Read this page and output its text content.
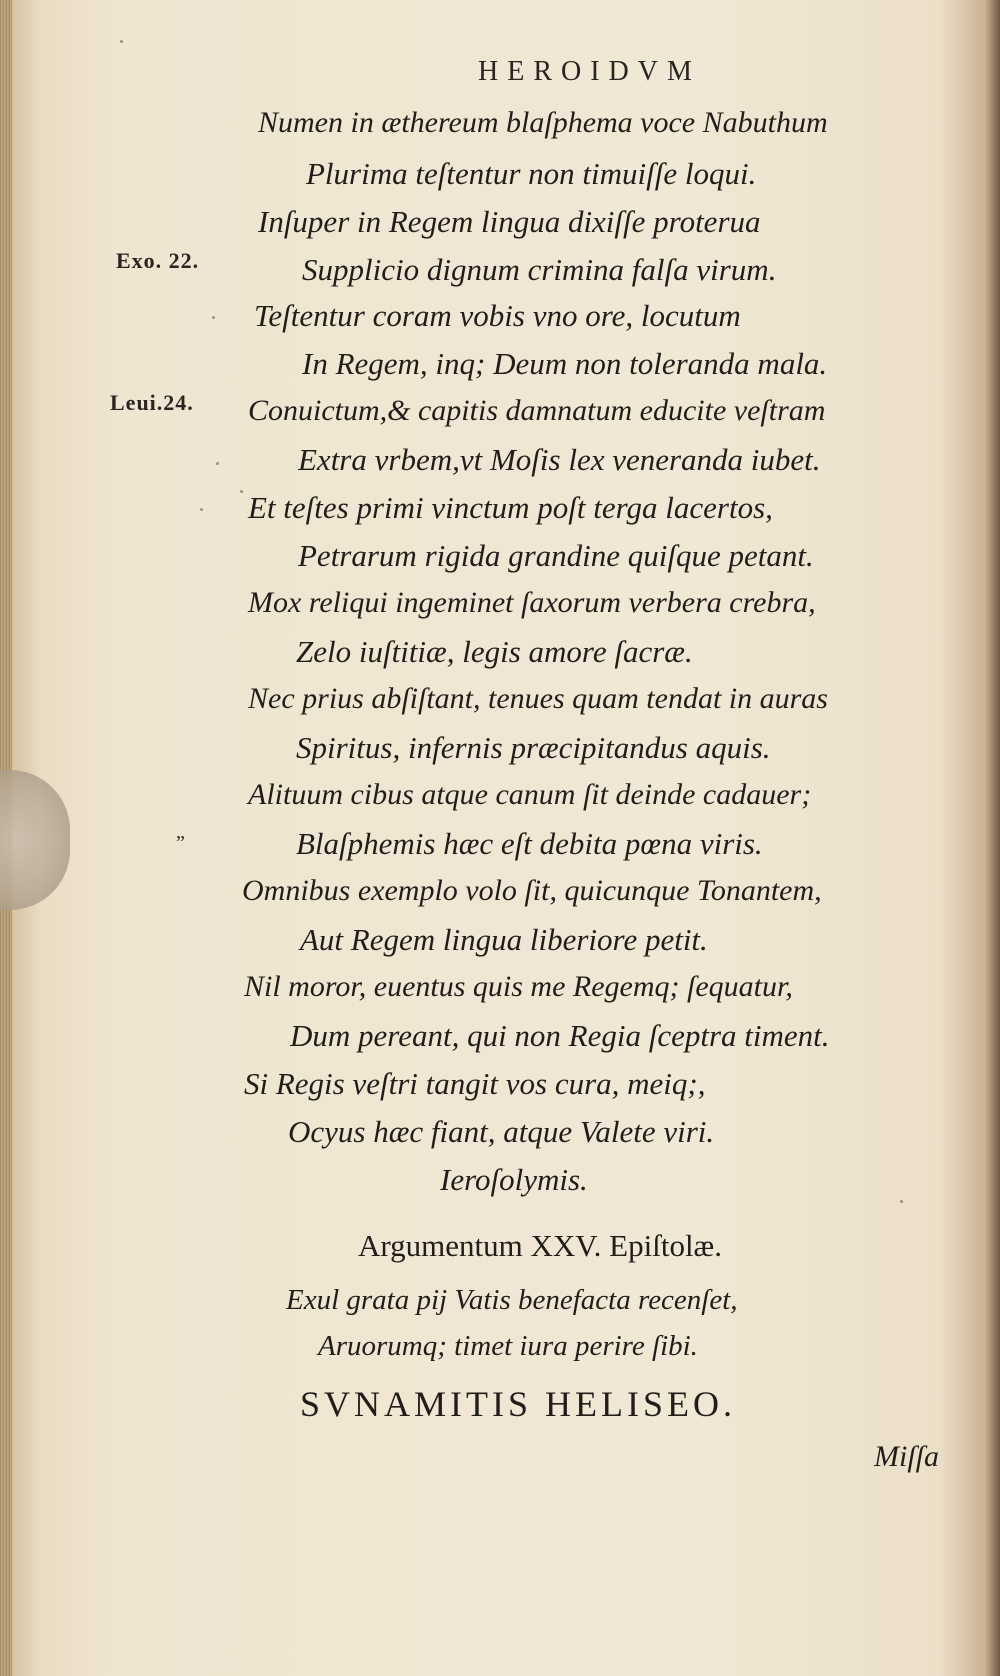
HEROIDVM
Exo. 22.
Leui.24.
”
Numen in æthereum blaſphema voce Nabuthum
Plurima teſtentur non timuiſſe loqui.
Inſuper in Regem lingua dixiſſe proterua
Supplicio dignum crimina falſa virum.
Teſtentur coram vobis vno ore, locutum
In Regem, inq; Deum non toleranda mala.
Conuictum,& capitis damnatum educite veſtram
Extra vrbem,vt Moſis lex veneranda iubet.
Et teſtes primi vinctum poſt terga lacertos,
Petrarum rigida grandine quiſque petant.
Mox reliqui ingeminet ſaxorum verbera crebra,
Zelo iuſtitiæ, legis amore ſacræ.
Nec prius abſiſtant, tenues quam tendat in auras
Spiritus, infernis præcipitandus aquis.
Alituum cibus atque canum ſit deinde cadauer;
Blaſphemis hæc eſt debita pœna viris.
Omnibus exemplo volo ſit, quicunque Tonantem,
Aut Regem lingua liberiore petit.
Nil moror, euentus quis me Regemq; ſequatur,
Dum pereant, qui non Regia ſceptra timent.
Si Regis veſtri tangit vos cura, meiq;,
Ocyus hæc fiant, atque Valete viri.
Ieroſolymis.
Argumentum XXV. Epiſtolæ.
Exul grata pij Vatis benefacta recenſet,
Aruorumq; timet iura perire ſibi.
SVNAMITIS HELISEO.
Miſſa
